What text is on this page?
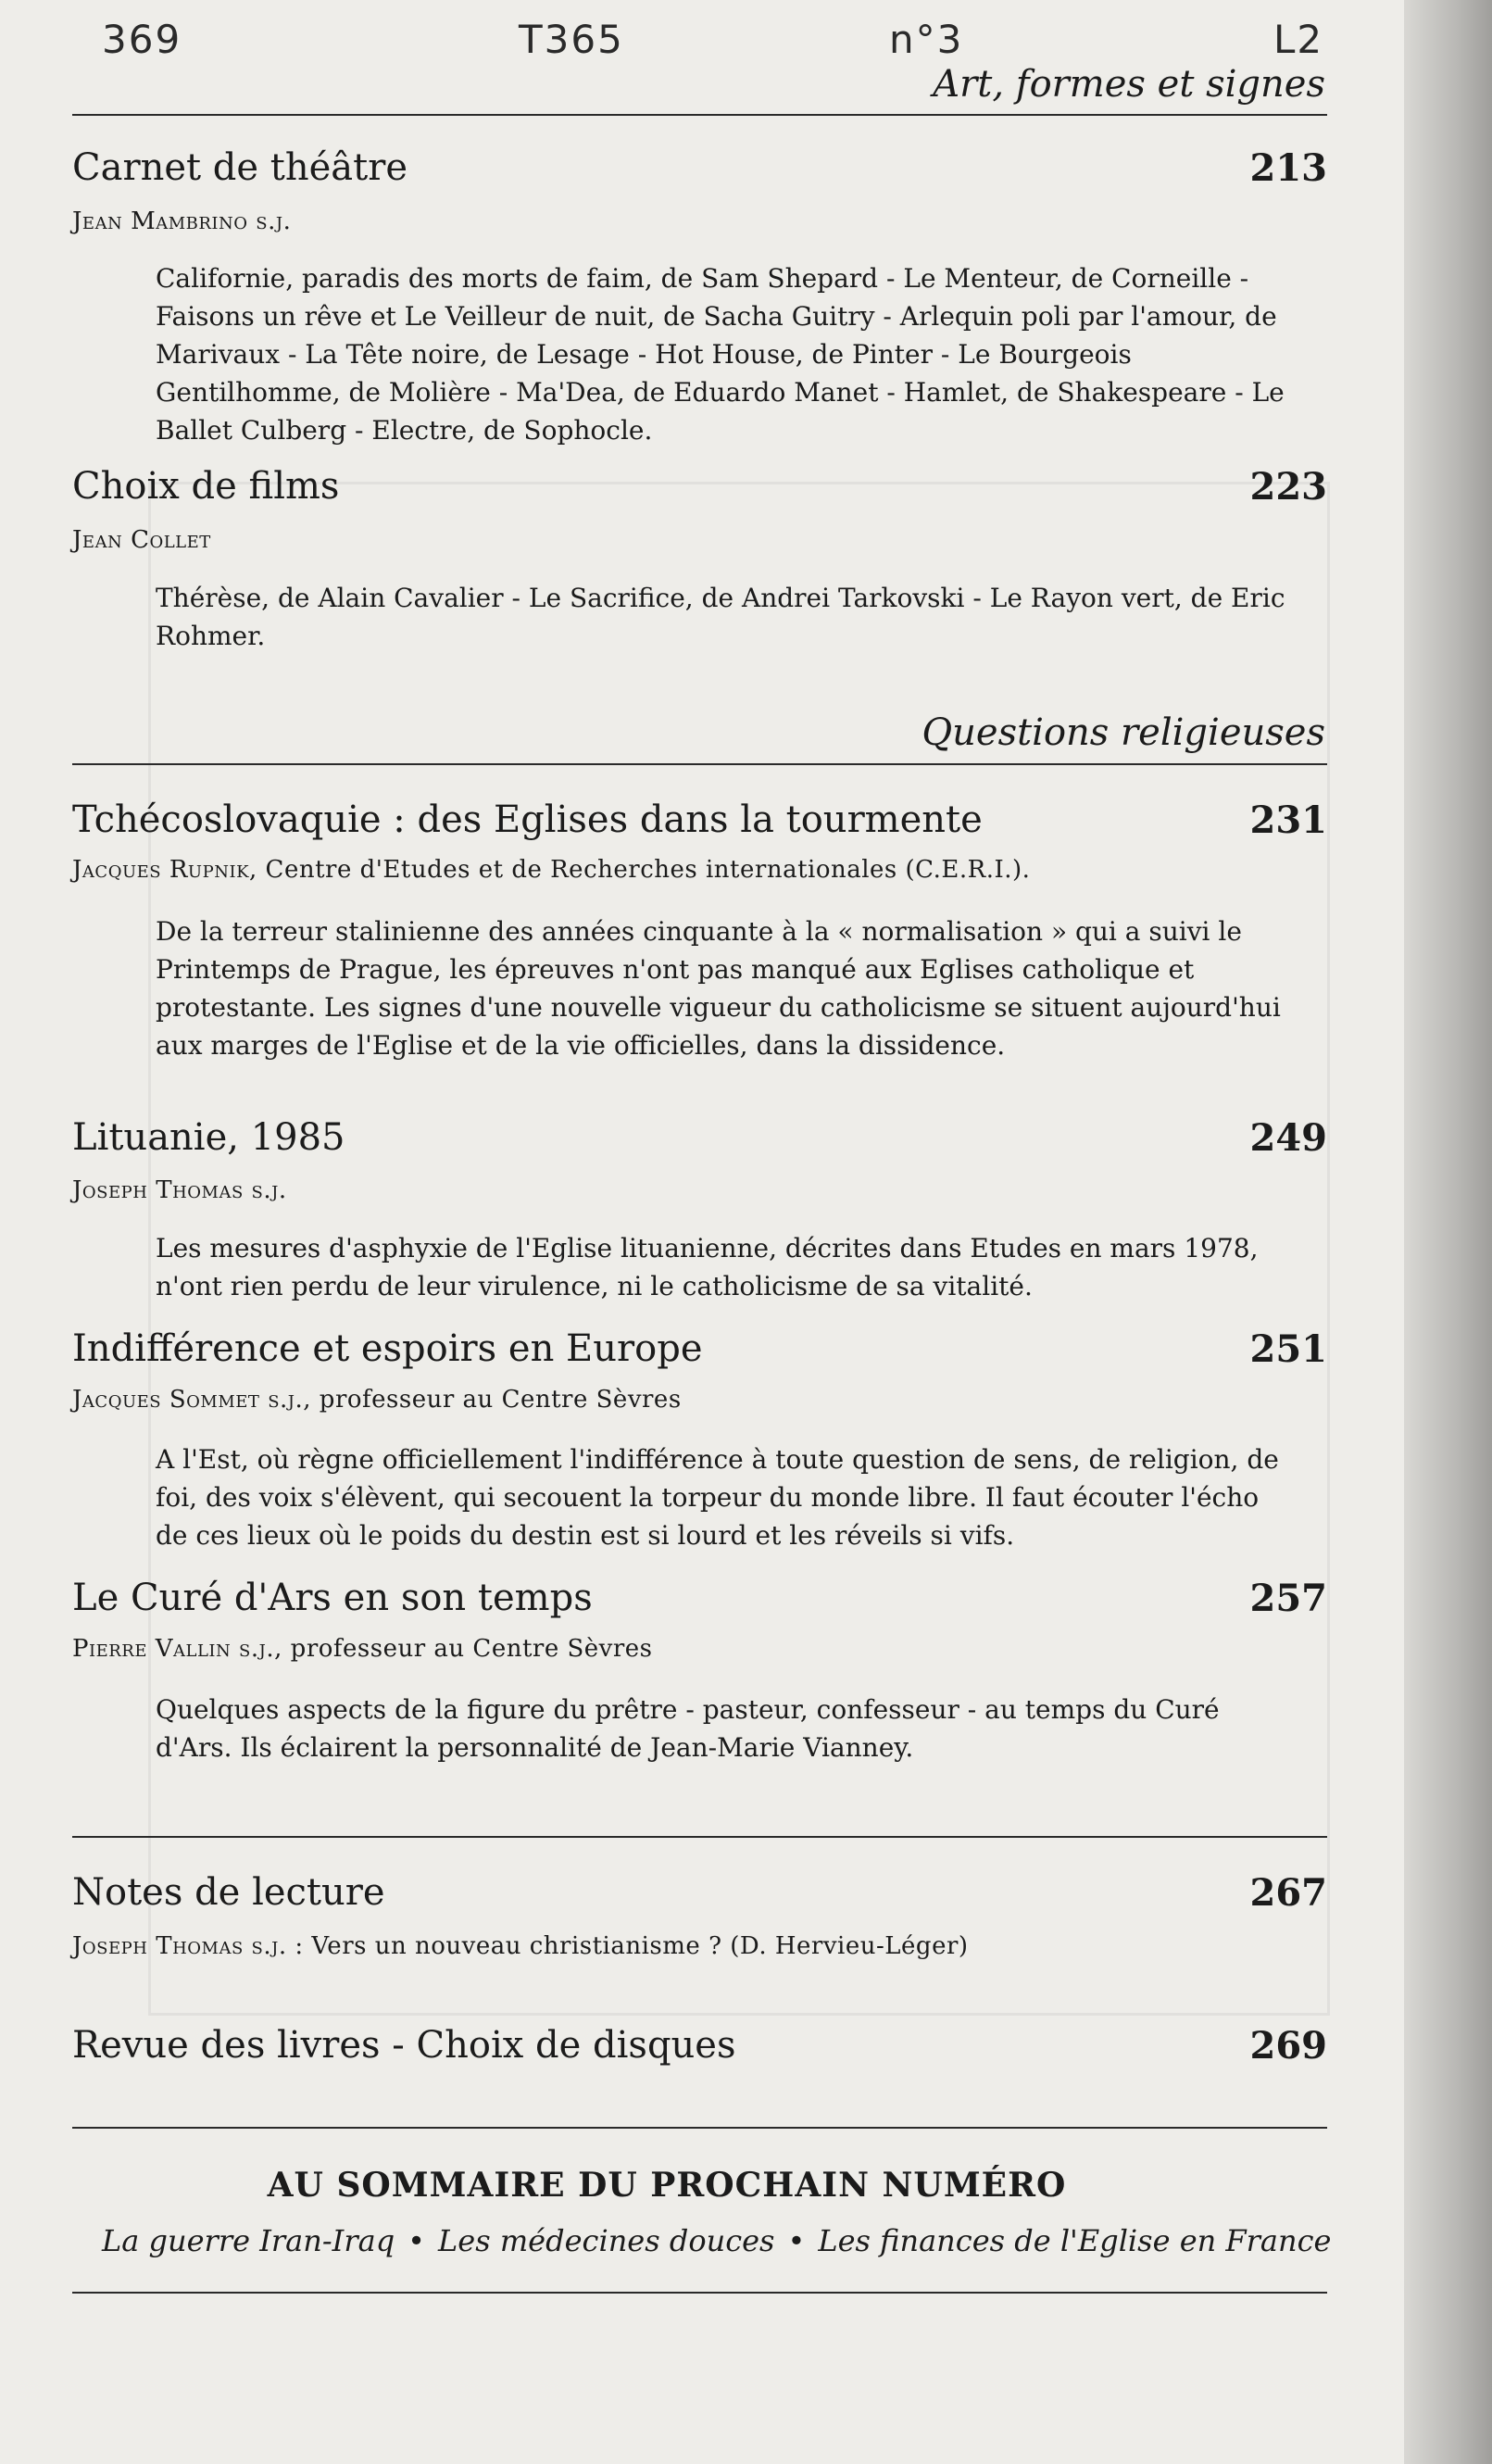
369	T365	n°3	L2
Art, formes et signes
Carnet de théâtre	213
Jean Mambrino s.j.
Californie, paradis des morts de faim, de Sam Shepard - Le Menteur, de Corneille - Faisons un rêve et Le Veilleur de nuit, de Sacha Guitry - Arlequin poli par l'amour, de Marivaux - La Tête noire, de Lesage - Hot House, de Pinter - Le Bourgeois Gentilhomme, de Molière - Ma'Dea, de Eduardo Manet - Hamlet, de Shakespeare - Le Ballet Culberg - Electre, de Sophocle.
Choix de films	223
Jean Collet
Thérèse, de Alain Cavalier - Le Sacrifice, de Andrei Tarkovski - Le Rayon vert, de Eric Rohmer.
Questions religieuses
Tchécoslovaquie : des Eglises dans la tourmente	231
Jacques Rupnik, Centre d'Etudes et de Recherches internationales (C.E.R.I.).
De la terreur stalinienne des années cinquante à la « normalisation » qui a suivi le Printemps de Prague, les épreuves n'ont pas manqué aux Eglises catholique et protestante. Les signes d'une nouvelle vigueur du catholicisme se situent aujourd'hui aux marges de l'Eglise et de la vie officielles, dans la dissidence.
Lituanie, 1985	249
Joseph Thomas s.j.
Les mesures d'asphyxie de l'Eglise lituanienne, décrites dans Etudes en mars 1978, n'ont rien perdu de leur virulence, ni le catholicisme de sa vitalité.
Indifférence et espoirs en Europe	251
Jacques Sommet s.j., professeur au Centre Sèvres
A l'Est, où règne officiellement l'indifférence à toute question de sens, de religion, de foi, des voix s'élèvent, qui secouent la torpeur du monde libre. Il faut écouter l'écho de ces lieux où le poids du destin est si lourd et les réveils si vifs.
Le Curé d'Ars en son temps	257
Pierre Vallin s.j., professeur au Centre Sèvres
Quelques aspects de la figure du prêtre - pasteur, confesseur - au temps du Curé d'Ars. Ils éclairent la personnalité de Jean-Marie Vianney.
Notes de lecture	267
Joseph Thomas s.j. : Vers un nouveau christianisme ? (D. Hervieu-Léger)
Revue des livres - Choix de disques	269
AU SOMMAIRE DU PROCHAIN NUMÉRO
La guerre Iran-Iraq • Les médecines douces • Les finances de l'Eglise en France
